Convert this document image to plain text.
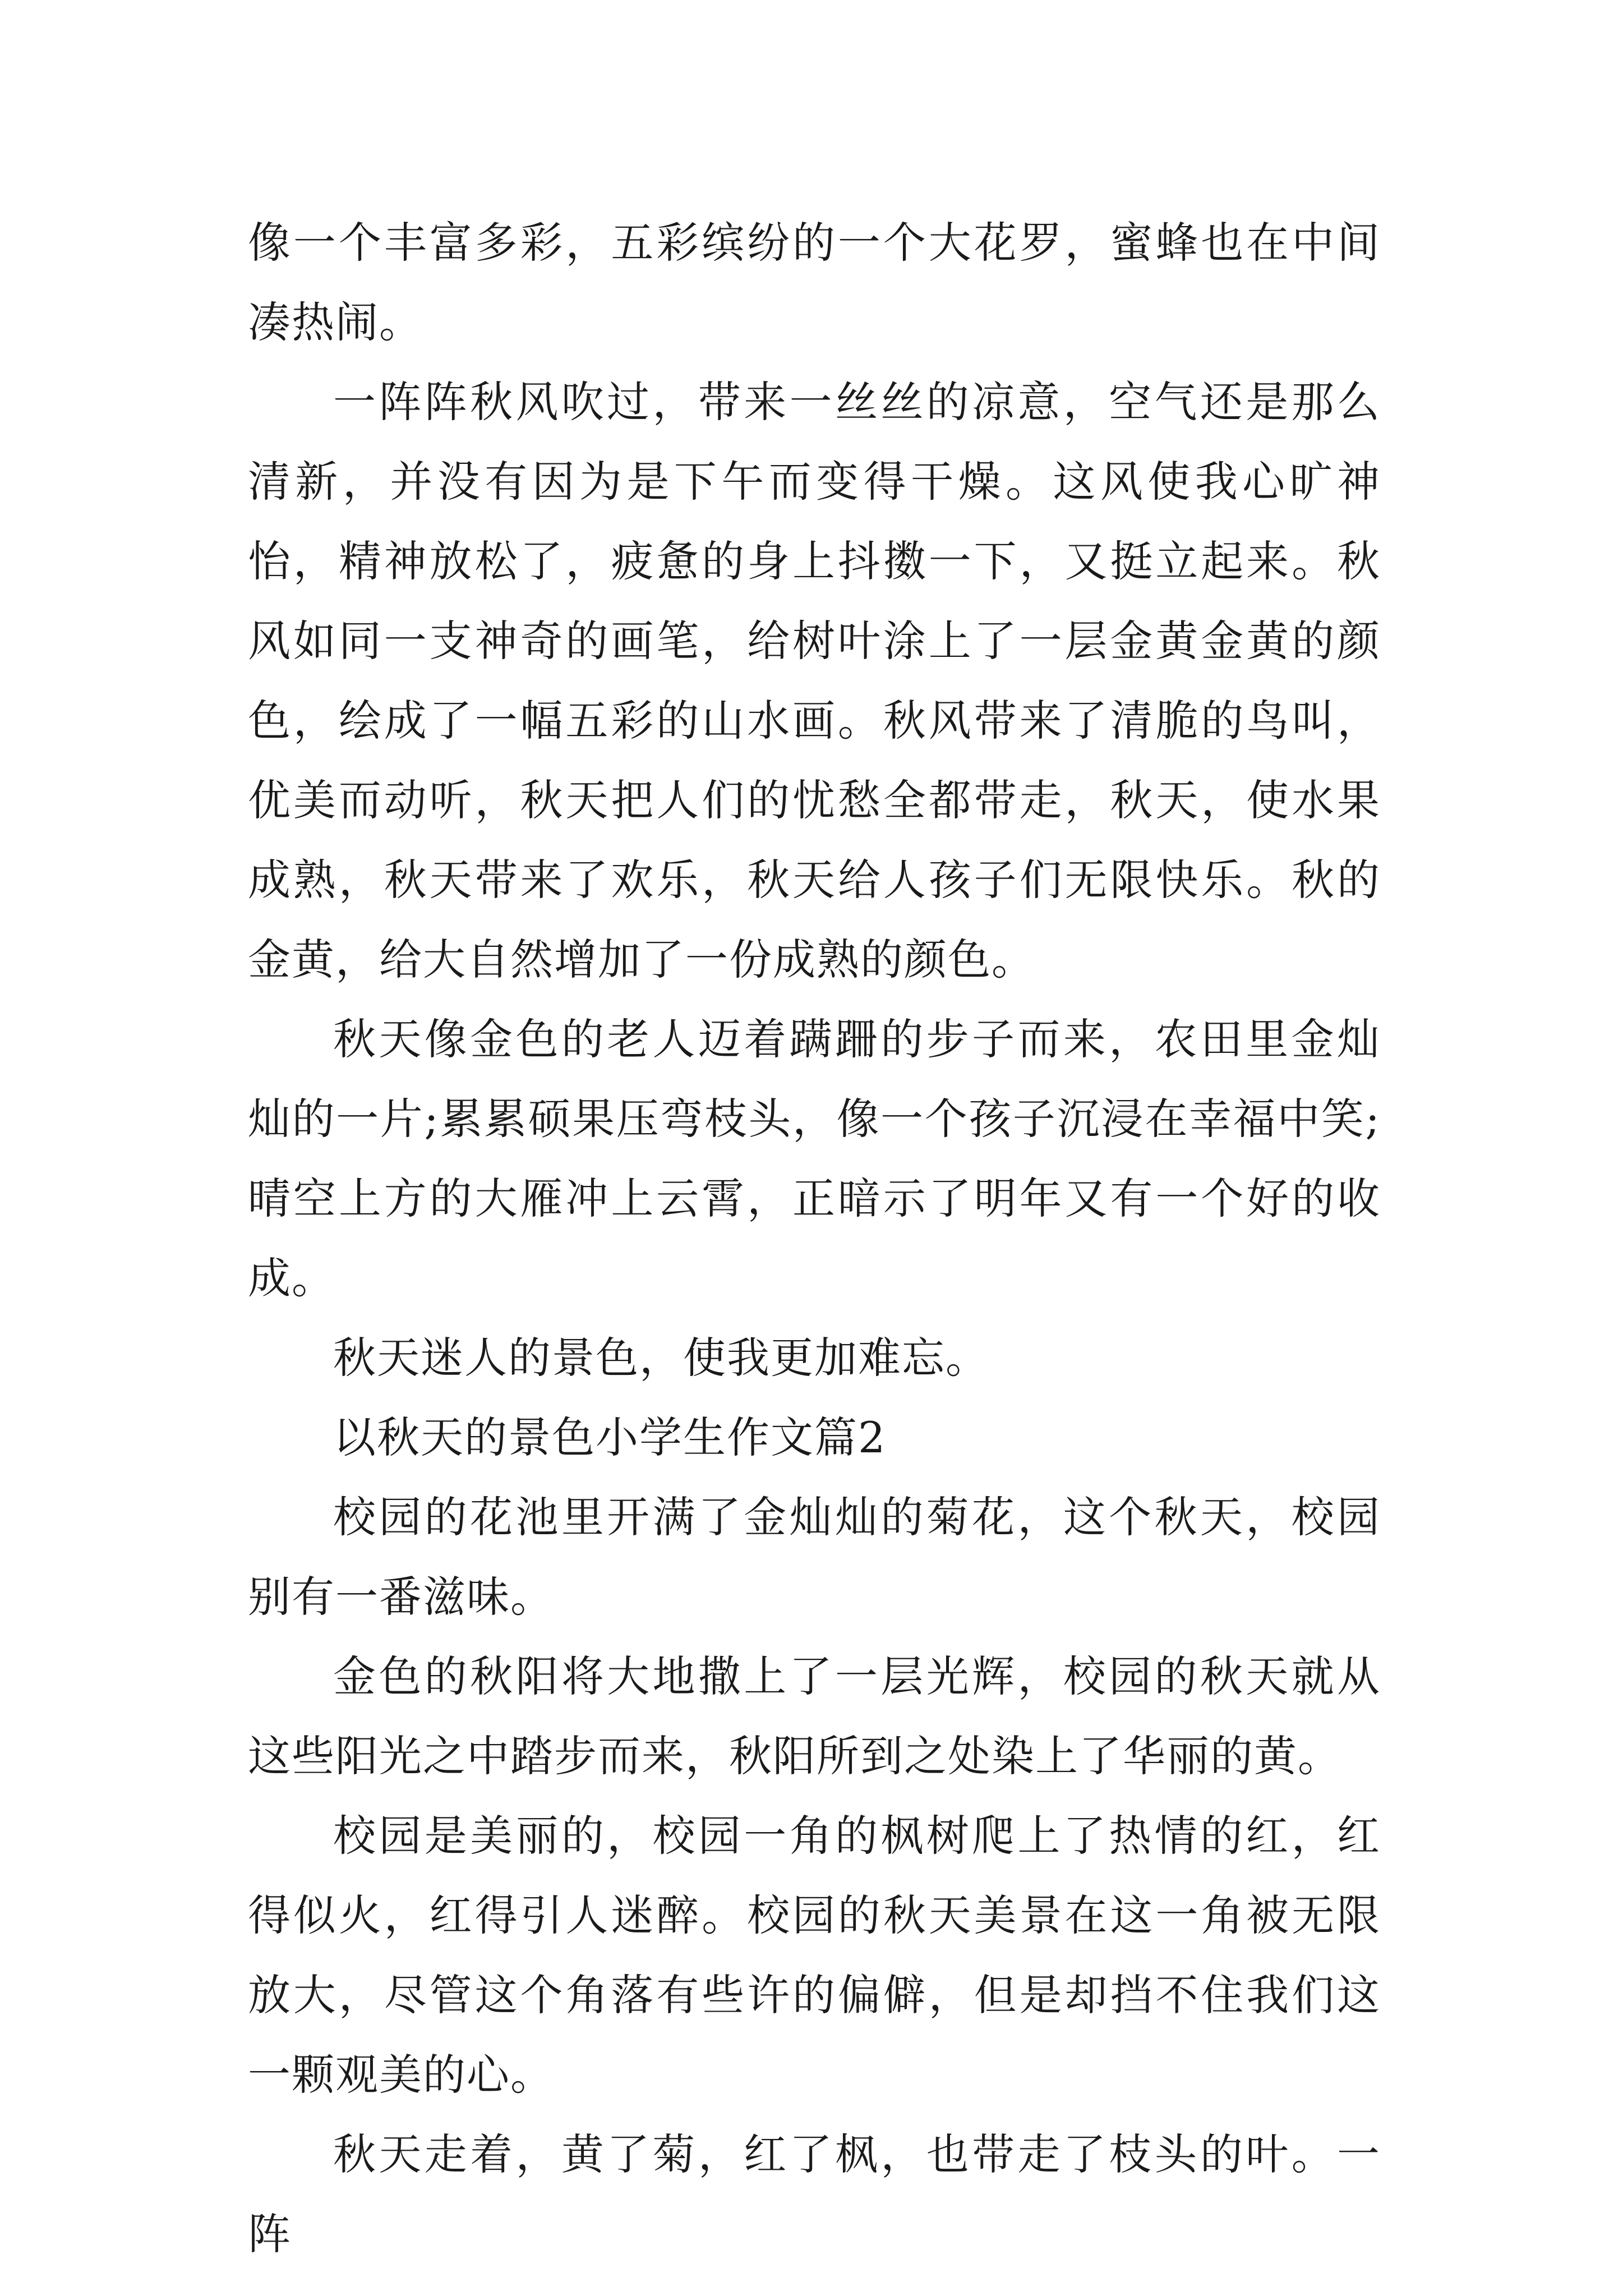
像一个丰富多彩，五彩缤纷的一个大花罗，蜜蜂也在中间凑热闹。

一阵阵秋风吹过，带来一丝丝的凉意，空气还是那么清新，并没有因为是下午而变得干燥。这风使我心旷神怡，精神放松了，疲惫的身上抖擞一下，又挺立起来。秋风如同一支神奇的画笔，给树叶涂上了一层金黄金黄的颜色，绘成了一幅五彩的山水画。秋风带来了清脆的鸟叫，优美而动听，秋天把人们的忧愁全都带走，秋天，使水果成熟，秋天带来了欢乐，秋天给人孩子们无限快乐。秋的金黄，给大自然增加了一份成熟的颜色。

秋天像金色的老人迈着蹒跚的步子而来，农田里金灿灿的一片;累累硕果压弯枝头，像一个孩子沉浸在幸福中笑;晴空上方的大雁冲上云霄，正暗示了明年又有一个好的收成。

秋天迷人的景色，使我更加难忘。

以秋天的景色小学生作文篇2

校园的花池里开满了金灿灿的菊花，这个秋天，校园别有一番滋味。

金色的秋阳将大地撒上了一层光辉，校园的秋天就从这些阳光之中踏步而来，秋阳所到之处染上了华丽的黄。

校园是美丽的，校园一角的枫树爬上了热情的红，红得似火，红得引人迷醉。校园的秋天美景在这一角被无限放大，尽管这个角落有些许的偏僻，但是却挡不住我们这一颗观美的心。

秋天走着，黄了菊，红了枫，也带走了枝头的叶。一阵
